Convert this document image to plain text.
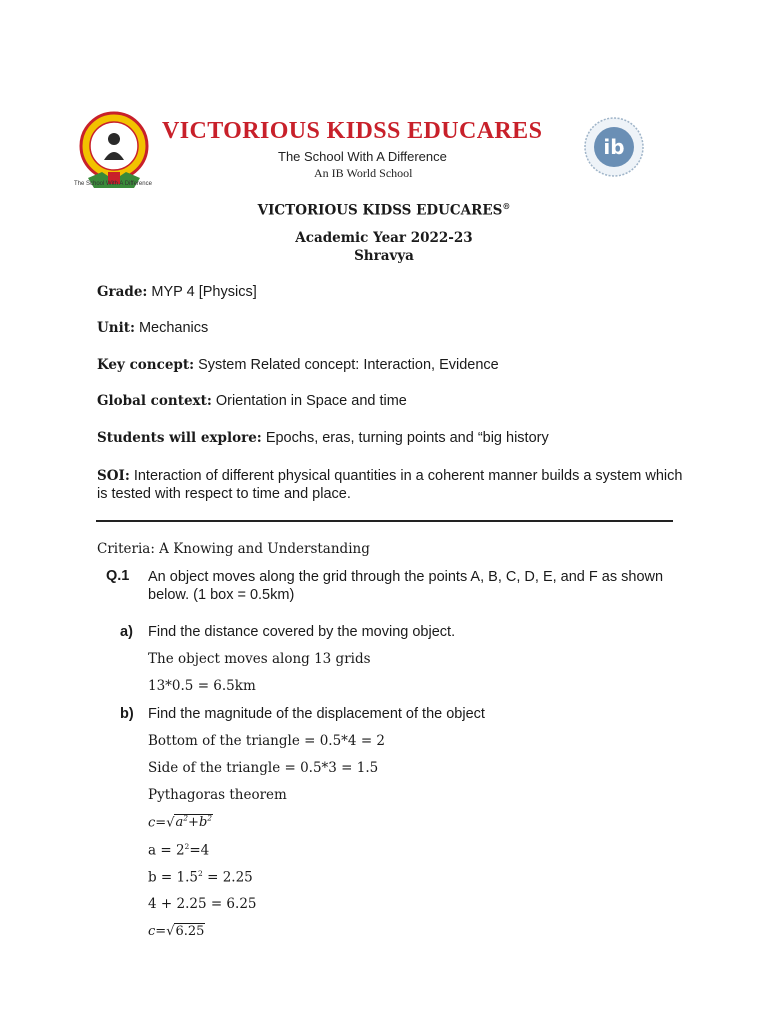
The School With A Difference
VICTORIOUS KIDSS EDUCARES
The School With A Difference
An IB World School
ib
VICTORIOUS KIDSS EDUCARES®
Academic Year 2022-23
Shravya
Grade: MYP 4 [Physics]
Unit: Mechanics
Key concept: System Related concept: Interaction, Evidence
Global context: Orientation in Space and time
Students will explore: Epochs, eras, turning points and “big history
SOI: Interaction of different physical quantities in a coherent manner builds a system which is tested with respect to time and place.
Criteria: A Knowing and Understanding
Q.1 An object moves along the grid through the points A, B, C, D, E, and F as shown below. (1 box = 0.5km)
a) Find the distance covered by the moving object.
The object moves along 13 grids
13*0.5 = 6.5km
b) Find the magnitude of the displacement of the object
Bottom of the triangle = 0.5*4 = 2
Side of the triangle = 0.5*3 = 1.5
Pythagoras theorem
$c=√a^2+b^2$
$a = 2^2=4$
$b = 1.5^2 = 2.25$
4 + 2.25 = 6.25
c=√6.25
